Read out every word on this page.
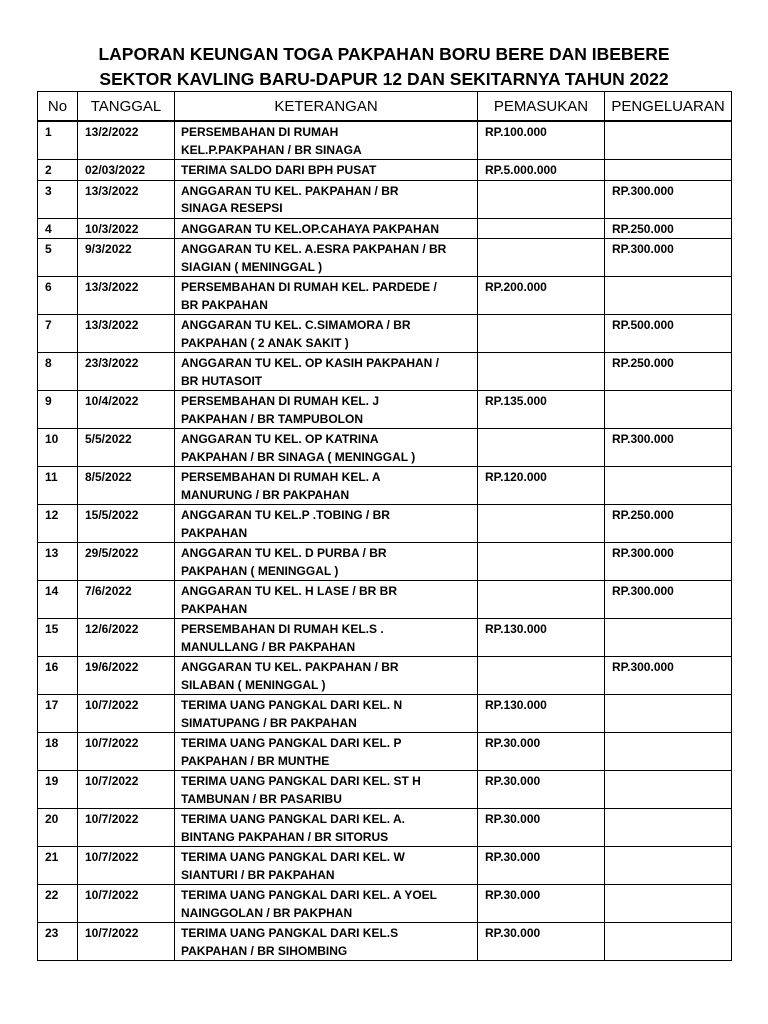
LAPORAN KEUNGAN TOGA PAKPAHAN BORU BERE DAN IBEBERE
SEKTOR KAVLING BARU-DAPUR 12 DAN SEKITARNYA TAHUN 2022
No	TANGGAL	KETERANGAN	PEMASUKAN	PENGELUARAN
1	13/2/2022	PERSEMBAHAN DI RUMAH
KEL.P.PAKPAHAN / BR SINAGA	RP.100.000	
2	02/03/2022	TERIMA SALDO DARI BPH PUSAT	RP.5.000.000	
3	13/3/2022	ANGGARAN TU KEL. PAKPAHAN / BR
SINAGA RESEPSI		RP.300.000
4	10/3/2022	ANGGARAN TU KEL.OP.CAHAYA PAKPAHAN		RP.250.000
5	9/3/2022	ANGGARAN TU KEL. A.ESRA PAKPAHAN / BR
SIAGIAN ( MENINGGAL )		RP.300.000
6	13/3/2022	PERSEMBAHAN DI RUMAH KEL. PARDEDE /
BR PAKPAHAN	RP.200.000	
7	13/3/2022	ANGGARAN TU KEL. C.SIMAMORA / BR
PAKPAHAN ( 2 ANAK SAKIT )		RP.500.000
8	23/3/2022	ANGGARAN TU KEL. OP KASIH PAKPAHAN /
BR HUTASOIT		RP.250.000
9	10/4/2022	PERSEMBAHAN DI RUMAH KEL. J
PAKPAHAN / BR TAMPUBOLON	RP.135.000	
10	5/5/2022	ANGGARAN TU KEL. OP KATRINA
PAKPAHAN / BR SINAGA ( MENINGGAL )		RP.300.000
11	8/5/2022	PERSEMBAHAN DI RUMAH KEL. A
MANURUNG / BR PAKPAHAN	RP.120.000	
12	15/5/2022	ANGGARAN TU KEL.P .TOBING / BR
PAKPAHAN		RP.250.000
13	29/5/2022	ANGGARAN TU KEL. D PURBA / BR
PAKPAHAN ( MENINGGAL )		RP.300.000
14	7/6/2022	ANGGARAN TU KEL. H LASE / BR BR
PAKPAHAN		RP.300.000
15	12/6/2022	PERSEMBAHAN DI RUMAH KEL.S .
MANULLANG / BR PAKPAHAN	RP.130.000	
16	19/6/2022	ANGGARAN TU KEL. PAKPAHAN / BR
SILABAN ( MENINGGAL )		RP.300.000
17	10/7/2022	TERIMA UANG PANGKAL DARI KEL. N
SIMATUPANG / BR PAKPAHAN	RP.130.000	
18	10/7/2022	TERIMA UANG PANGKAL DARI KEL. P
PAKPAHAN / BR MUNTHE	RP.30.000	
19	10/7/2022	TERIMA UANG PANGKAL DARI KEL. ST H
TAMBUNAN / BR PASARIBU	RP.30.000	
20	10/7/2022	TERIMA UANG PANGKAL DARI KEL. A.
BINTANG PAKPAHAN / BR SITORUS	RP.30.000	
21	10/7/2022	TERIMA UANG PANGKAL DARI KEL. W
SIANTURI / BR PAKPAHAN	RP.30.000	
22	10/7/2022	TERIMA UANG PANGKAL DARI KEL. A YOEL
NAINGGOLAN / BR PAKPHAN	RP.30.000	
23	10/7/2022	TERIMA UANG PANGKAL DARI KEL.S
PAKPAHAN / BR SIHOMBING	RP.30.000	
